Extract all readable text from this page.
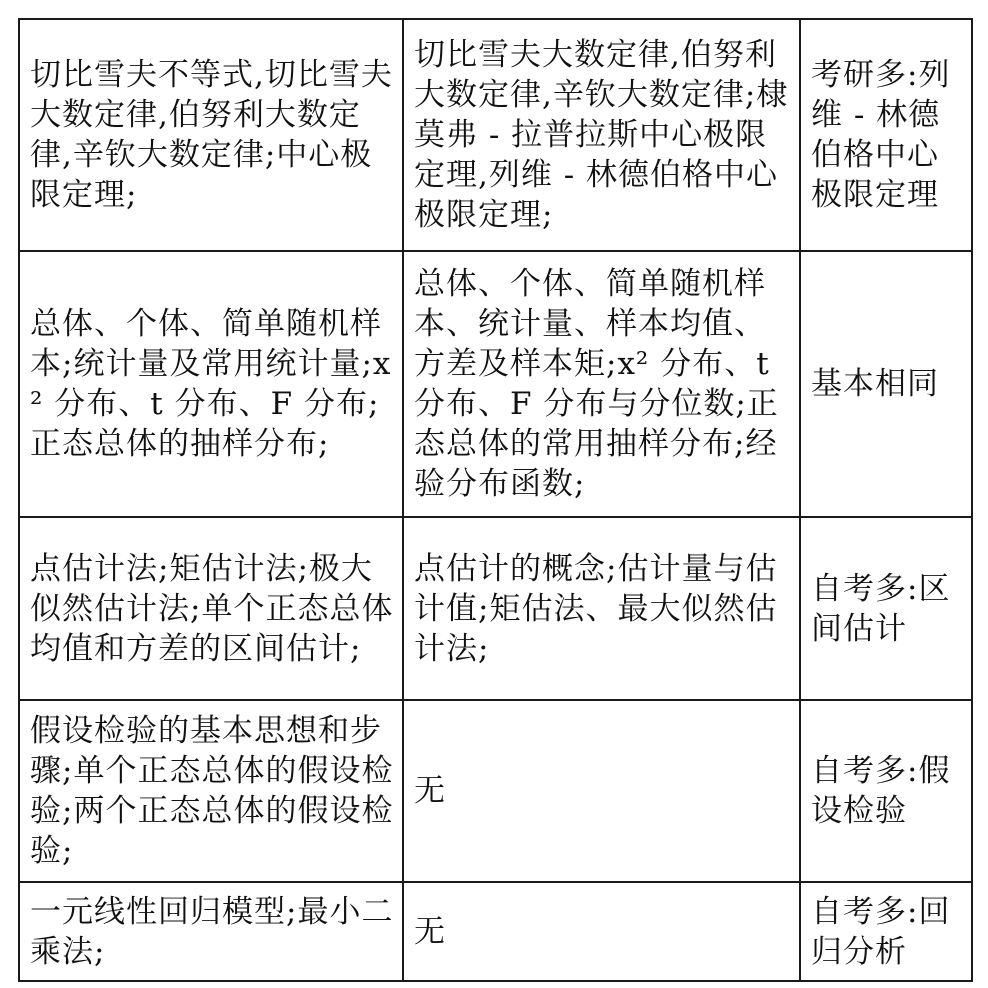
切比雪夫不等式,切比雪夫大数定律,伯努利大数定律,辛钦大数定律;中心极限定理;	切比雪夫大数定律,伯努利大数定律,辛钦大数定律;棣莫弗 - 拉普拉斯中心极限定理,列维 - 林德伯格中心极限定理;	考研多:列维 - 林德伯格中心极限定理

总体、个体、简单随机样本;统计量及常用统计量;x² 分布、t 分布、F 分布;正态总体的抽样分布;	总体、个体、简单随机样本、统计量、样本均值、方差及样本矩;x² 分布、t 分布、F 分布与分位数;正态总体的常用抽样分布;经验分布函数;	基本相同

点估计法;矩估计法;极大似然估计法;单个正态总体均值和方差的区间估计;	点估计的概念;估计量与估计值;矩估法、最大似然估计法;	自考多:区间估计

假设检验的基本思想和步骤;单个正态总体的假设检验;两个正态总体的假设检验;	无	自考多:假设检验

一元线性回归模型;最小二乘法;	无	自考多:回归分析
